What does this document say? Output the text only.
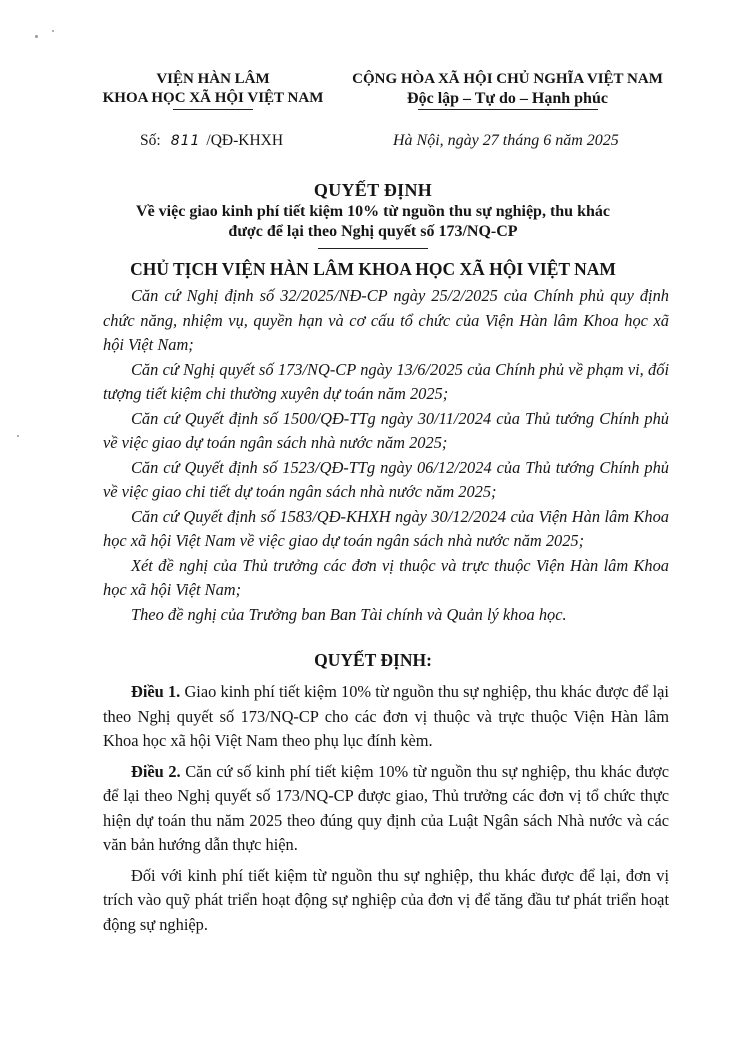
VIỆN HÀN LÂM
KHOA HỌC XÃ HỘI VIỆT NAM
CỘNG HÒA XÃ HỘI CHỦ NGHĨA VIỆT NAM
Độc lập – Tự do – Hạnh phúc
Số: 811 /QĐ-KHXH	Hà Nội, ngày 27 tháng 6 năm 2025
QUYẾT ĐỊNH
Về việc giao kinh phí tiết kiệm 10% từ nguồn thu sự nghiệp, thu khác
được để lại theo Nghị quyết số 173/NQ-CP
CHỦ TỊCH VIỆN HÀN LÂM KHOA HỌC XÃ HỘI VIỆT NAM

Căn cứ Nghị định số 32/2025/NĐ-CP ngày 25/2/2025 của Chính phủ quy định chức năng, nhiệm vụ, quyền hạn và cơ cấu tổ chức của Viện Hàn lâm Khoa học xã hội Việt Nam;

Căn cứ Nghị quyết số 173/NQ-CP ngày 13/6/2025 của Chính phủ về phạm vi, đối tượng tiết kiệm chi thường xuyên dự toán năm 2025;

Căn cứ Quyết định số 1500/QĐ-TTg ngày 30/11/2024 của Thủ tướng Chính phủ về việc giao dự toán ngân sách nhà nước năm 2025;

Căn cứ Quyết định số 1523/QĐ-TTg ngày 06/12/2024 của Thủ tướng Chính phủ về việc giao chi tiết dự toán ngân sách nhà nước năm 2025;

Căn cứ Quyết định số 1583/QĐ-KHXH ngày 30/12/2024 của Viện Hàn lâm Khoa học xã hội Việt Nam về việc giao dự toán ngân sách nhà nước năm 2025;

Xét đề nghị của Thủ trưởng các đơn vị thuộc và trực thuộc Viện Hàn lâm Khoa học xã hội Việt Nam;

Theo đề nghị của Trưởng ban Ban Tài chính và Quản lý khoa học.

QUYẾT ĐỊNH:

Điều 1. Giao kinh phí tiết kiệm 10% từ nguồn thu sự nghiệp, thu khác được để lại theo Nghị quyết số 173/NQ-CP cho các đơn vị thuộc và trực thuộc Viện Hàn lâm Khoa học xã hội Việt Nam theo phụ lục đính kèm.

Điều 2. Căn cứ số kinh phí tiết kiệm 10% từ nguồn thu sự nghiệp, thu khác được để lại theo Nghị quyết số 173/NQ-CP được giao, Thủ trưởng các đơn vị tổ chức thực hiện dự toán thu năm 2025 theo đúng quy định của Luật Ngân sách Nhà nước và các văn bản hướng dẫn thực hiện.

Đối với kinh phí tiết kiệm từ nguồn thu sự nghiệp, thu khác được để lại, đơn vị trích vào quỹ phát triển hoạt động sự nghiệp của đơn vị để tăng đầu tư phát triển hoạt động sự nghiệp.
